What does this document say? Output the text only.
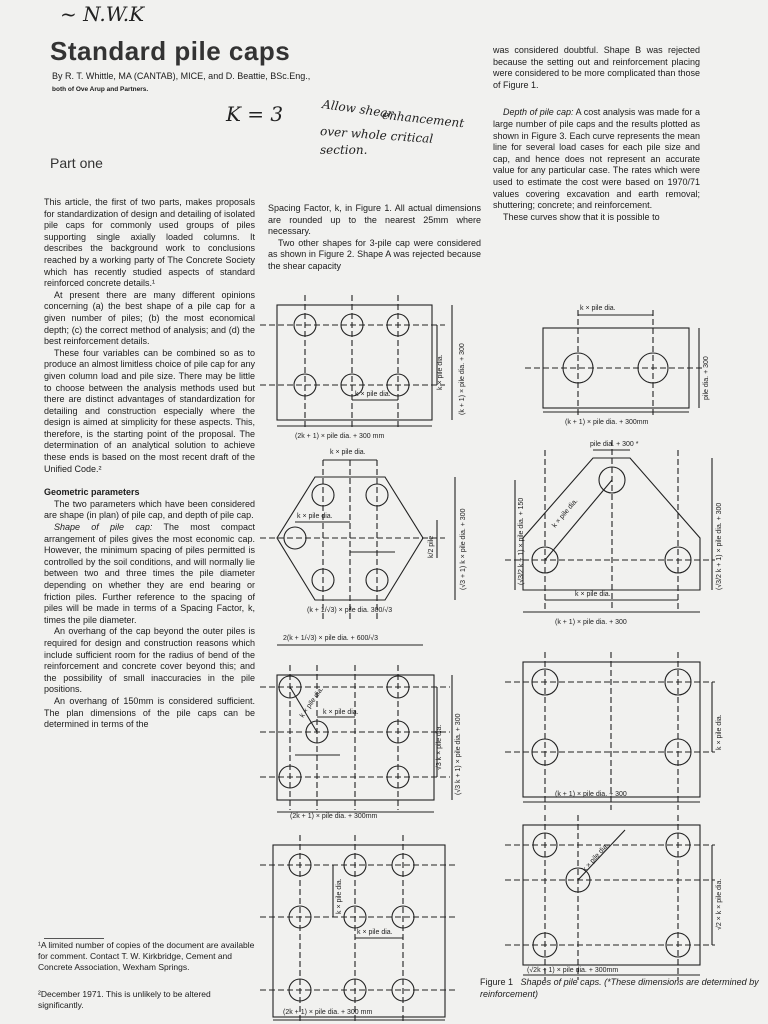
~ N.W.K
K = 3	Allow shear
enhancement
over whole critical
section.
Standard pile caps
By R. T. Whittle, MA (CANTAB), MICE, and D. Beattie, BSc.Eng.,
both of Ove Arup and Partners.
Part one

This article, the first of two parts, makes proposals for standardization of design and detailing of isolated pile caps for commonly used groups of piles supporting single axially loaded columns. It describes the background work to conclusions reached by a working party of The Concrete Society which has recently studied aspects of standard reinforced concrete details.¹

At present there are many different opinions concerning (a) the best shape of a pile cap for a given number of piles; (b) the most economical depth; (c) the correct method of analysis; and (d) the best reinforcement details.

These four variables can be combined so as to produce an almost limitless choice of pile cap for any given column load and pile size. There may be little to choose between the analysis methods used but there are distinct advantages of standardization for detailing and construction especially where the design is aimed at simplicity for these aspects. This, therefore, is the starting point of the proposal. The determination of an analytical solution to achieve these ends is based on the most recent draft of the Unified Code.²

Geometric parameters

The two parameters which have been considered are shape (in plan) of pile cap, and depth of pile cap.

Shape of pile cap: The most compact arrangement of piles gives the most economic cap. However, the minimum spacing of piles permitted is controlled by the soil conditions, and will normally lie between two and three times the pile diameter depending on whether they are end bearing or friction piles. Further reference to the spacing of piles will be made in terms of a Spacing Factor, k, times the pile diameter.

An overhang of the cap beyond the outer piles is required for design and construction reasons which include sufficient room for the radius of bend of the reinforcement and concrete cover beyond this; and the possibility of small inaccuracies in the pile positions.

An overhang of 150mm is considered sufficient. The plan dimensions of the pile caps can be determined in terms of the

¹A limited number of copies of the document are available for comment. Contact T. W. Kirkbridge, Cement and Concrete Association, Wexham Springs.
²December 1971. This is unlikely to be altered significantly.

Spacing Factor, k, in Figure 1. All actual dimensions are rounded up to the nearest 25mm where necessary.

Two other shapes for 3-pile cap were considered as shown in Figure 2. Shape A was rejected because the shear capacity

was considered doubtful. Shape B was rejected because the setting out and reinforcement placing were considered to be more complicated than those of Figure 1.

Depth of pile cap: A cost analysis was made for a large number of pile caps and the results plotted as shown in Figure 3. Each curve represents the mean line for several load cases for each pile size and cap, and hence does not represent an accurate value for any particular case. The rates which were used to estimate the cost were based on 1970/71 values covering excavation and earth removal; shuttering; concrete; and reinforcement.

These curves show that it is possible to

(2k + 1) × pile dia. + 300 mm
k × pile dia.
k × pile dia. (k + 1) × pile dia. + 300
k × pile dia.
(k + 1) × pile dia. + 300mm
pile dia. + 300
k × pile dia.
k × pile dia.
k/2 pile	(√3 + 1) k × pile dia. + 300
(k + 1/√3) × pile dia. 300/√3
2(k + 1/√3) × pile dia. + 600/√3
pile dia. + 300 *
k × pile dia.
k × pile dia.
(k + 1) × pile dia. + 300
(√3/2 k + 1) × pile dia. + 150	(√3/2 k + 1) × pile dia. + 300
k × pile dia.
k × pile dia.
√3 k × pile dia. (√3 k + 1) × pile dia. + 300
(2k + 1) × pile dia. + 300mm
k × pile dia.
(k + 1) × pile dia. + 300
k × pile dia.
k × pile dia.
(2k + 1) × pile dia. + 300 mm
k × pile dia.
√2 × k × pile dia.
(√2k + 1) × pile dia. + 300mm
Figure 1 Shapes of pile caps. (*These dimensions are determined by reinforcement)
